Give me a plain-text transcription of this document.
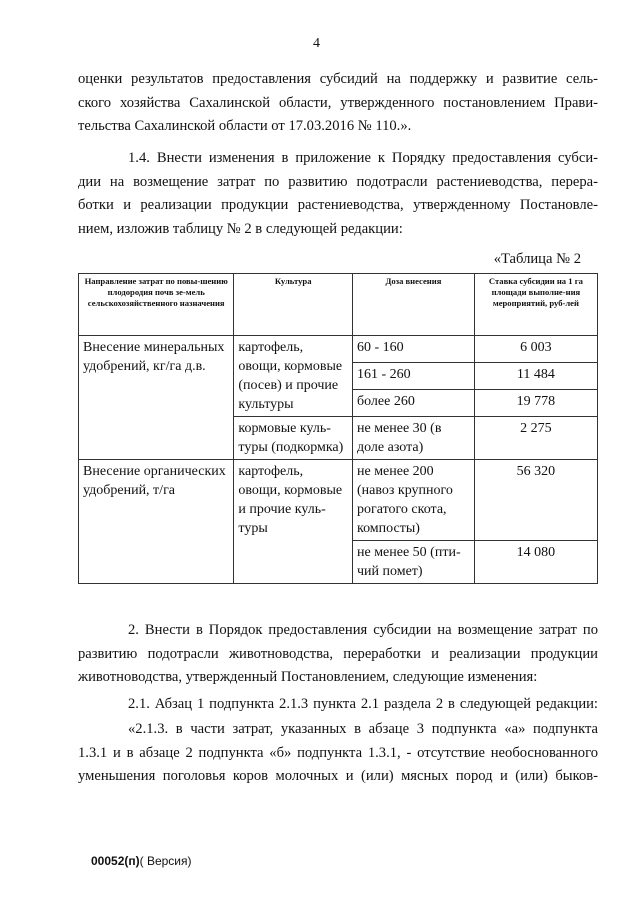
4
оценки результатов предоставления субсидий на поддержку и развитие сель-
ского хозяйства Сахалинской области, утвержденного постановлением Прави-
тельства Сахалинской области от 17.03.2016 № 110.».
1.4. Внести изменения в приложение к Порядку предоставления субси-
дии на возмещение затрат по развитию подотрасли растениеводства, перера-
ботки и реализации продукции растениеводства, утвержденному Постановле-
нием, изложив таблицу № 2 в следующей редакции:
«Таблица № 2
Направление затрат по повы-шению плодородия почв зе-мель сельскохозяйственного назначения	Культура	Доза внесения	Ставка субсидии на 1 га площади выполне-ния мероприятий, руб-лей
Внесение минеральных удобрений, кг/га д.в.	картофель, овощи, кормовые (посев) и прочие культуры	60 - 160	6 003
		161 - 260	11 484
		более 260	19 778
	кормовые куль-туры (подкормка)	не менее 30 (в доле азота)	2 275
Внесение органических удобрений, т/га	картофель, овощи, кормовые и прочие куль-туры	не менее 200 (навоз крупного рогатого скота, компосты)	56 320
		не менее 50 (пти-чий помет)	14 080
2. Внести в Порядок предоставления субсидии на возмещение затрат по
развитию подотрасли животноводства, переработки и реализации продукции
животноводства, утвержденный Постановлением, следующие изменения:
2.1. Абзац 1 подпункта 2.1.3 пункта 2.1 раздела 2 в следующей редакции:
«2.1.3. в части затрат, указанных в абзаце 3 подпункта «а» подпункта
1.3.1 и в абзаце 2 подпункта «б» подпункта 1.3.1, - отсутствие необоснованного
уменьшения поголовья коров молочных и (или) мясных пород и (или) быков-
00052(п)( Версия)
